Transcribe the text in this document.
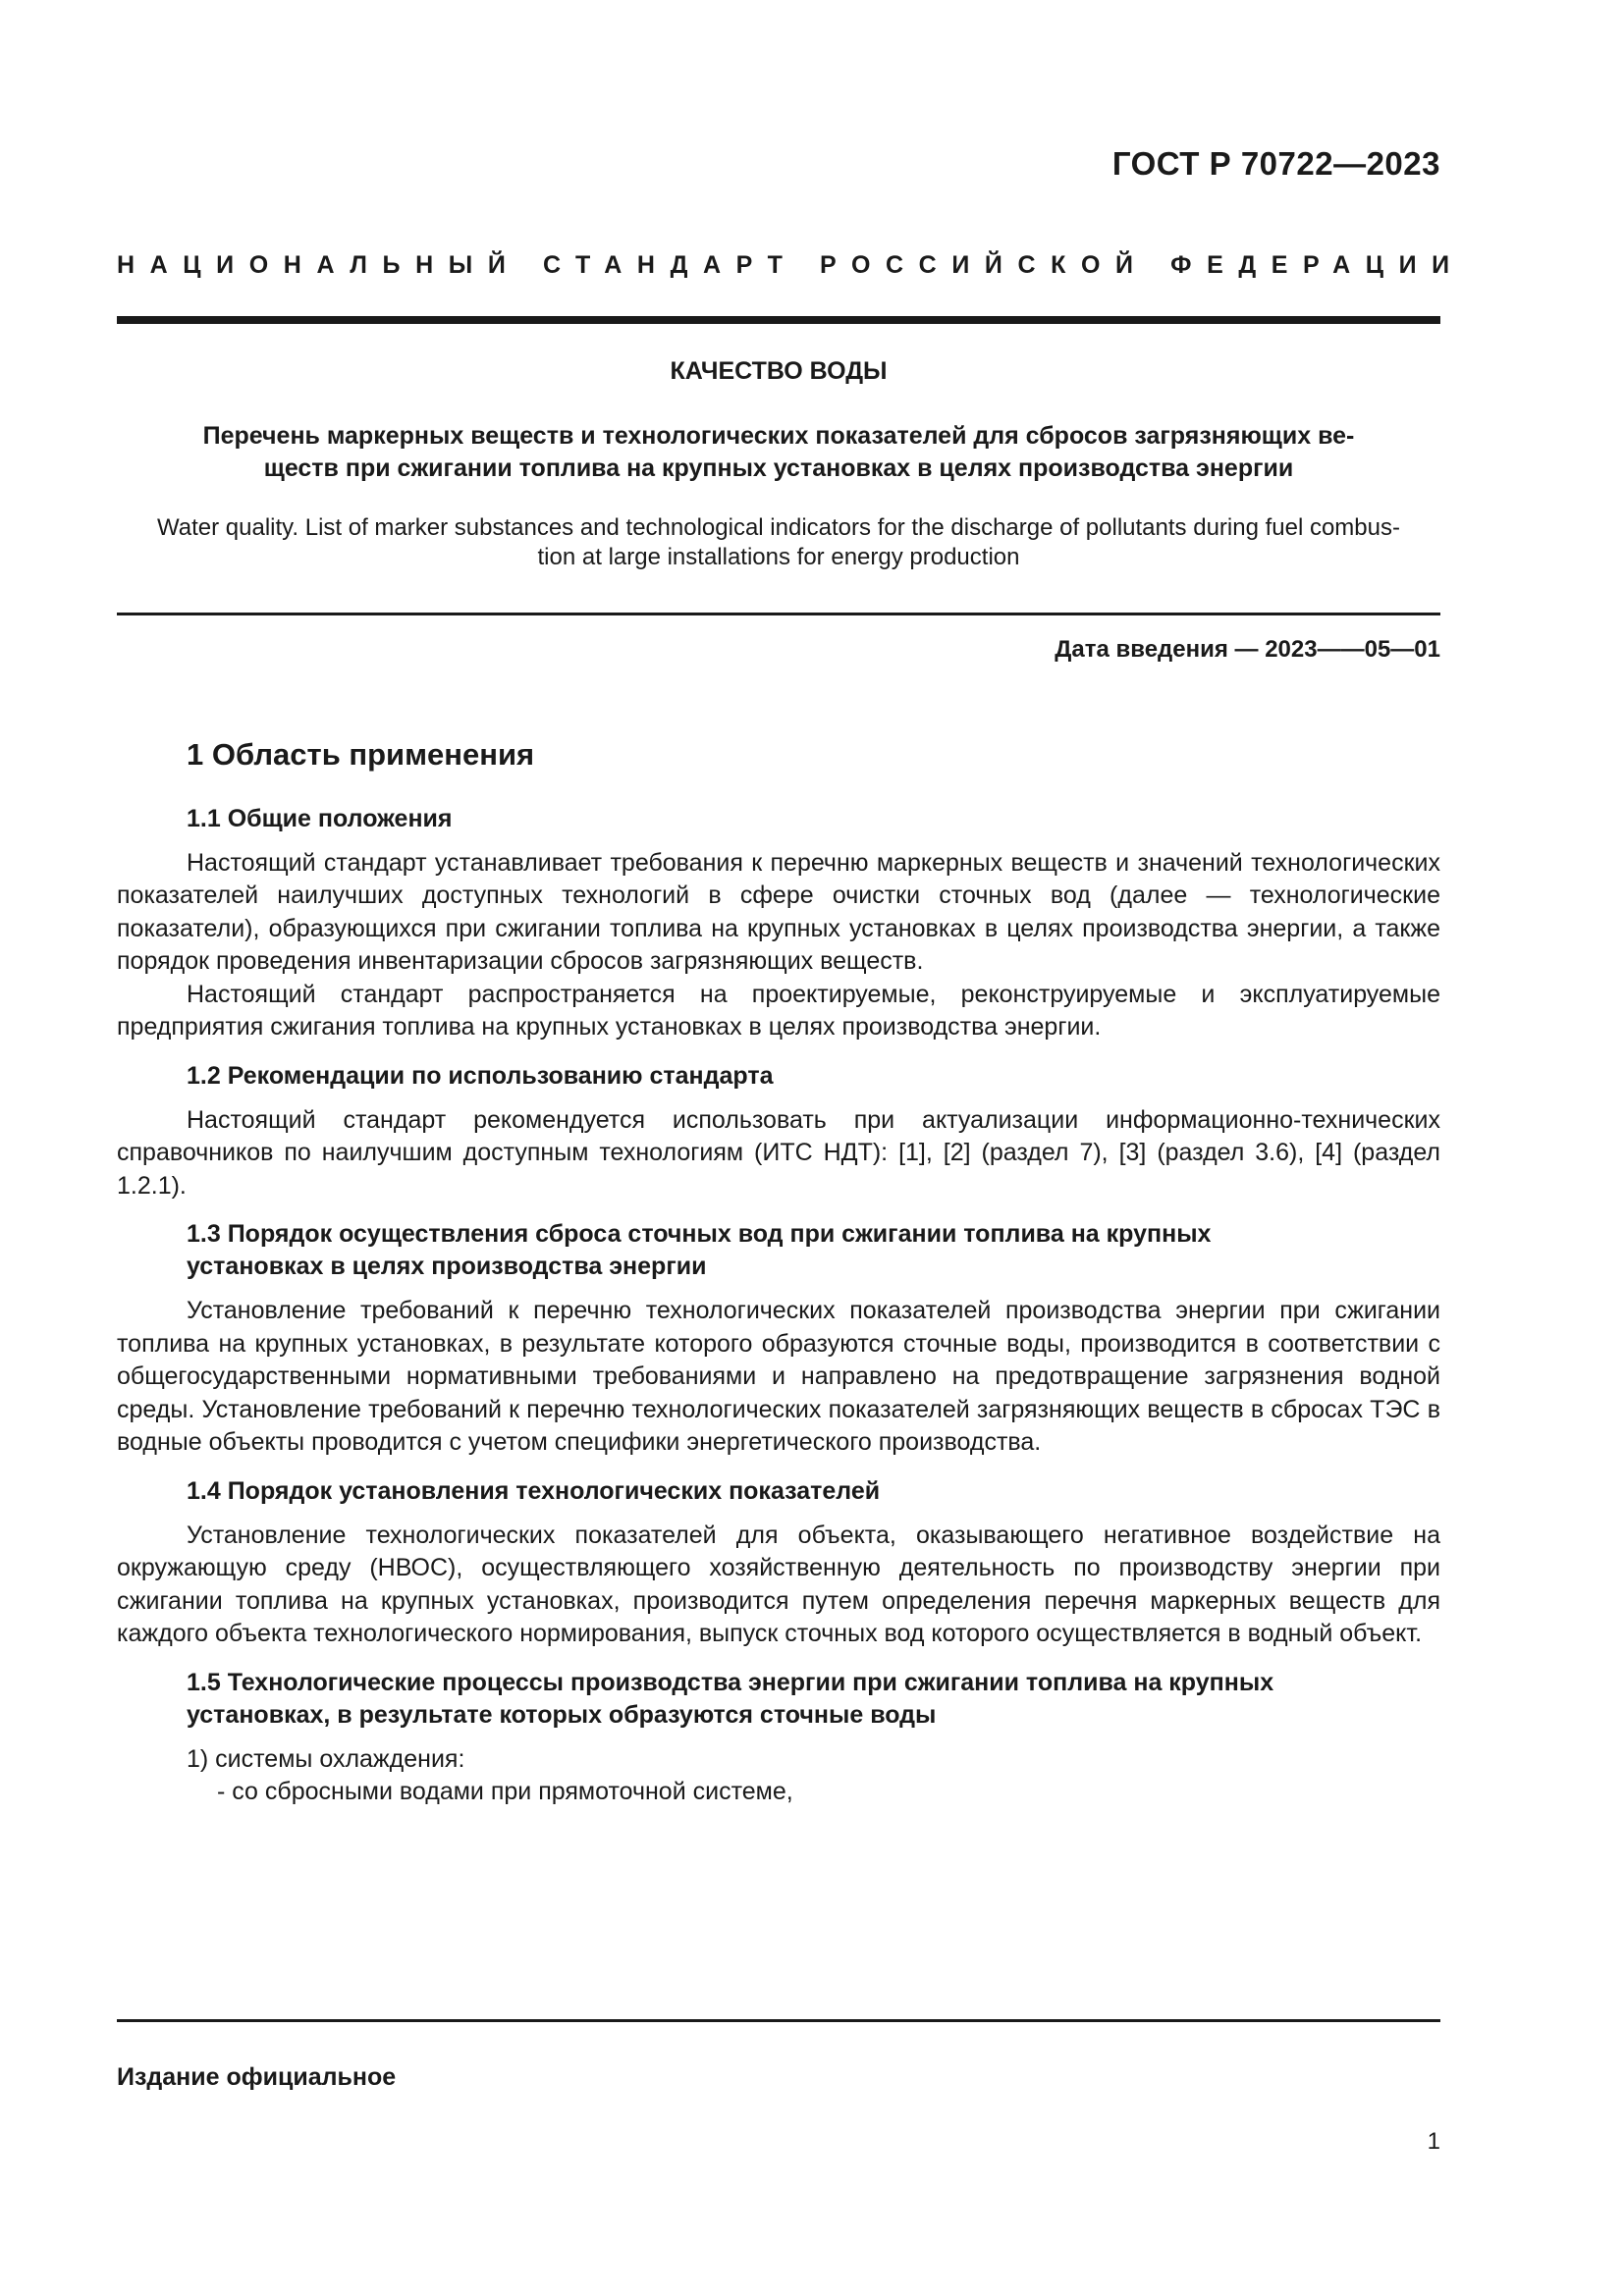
ГОСТ Р 70722—2023
НАЦИОНАЛЬНЫЙ СТАНДАРТ РОССИЙСКОЙ ФЕДЕРАЦИИ
КАЧЕСТВО ВОДЫ
Перечень маркерных веществ и технологических показателей для сбросов загрязняющих ве-
ществ при сжигании топлива на крупных установках в целях производства энергии
Water quality. List of marker substances and technological indicators for the discharge of pollutants during fuel combus-
tion at large installations for energy production
Дата введения — 2023——05—01
1 Область применения
1.1 Общие положения

Настоящий стандарт устанавливает требования к перечню маркерных веществ и значений технологических показателей наилучших доступных технологий в сфере очистки сточных вод (далее — технологические показатели), образующихся при сжигании топлива на крупных установках в целях производства энергии, а также порядок проведения инвентаризации сбросов загрязняющих веществ.

Настоящий стандарт распространяется на проектируемые, реконструируемые и эксплуатируемые предприятия сжигания топлива на крупных установках в целях производства энергии.

1.2 Рекомендации по использованию стандарта

Настоящий стандарт рекомендуется использовать при актуализации информационно-технических справочников по наилучшим доступным технологиям (ИТС НДТ): [1], [2] (раздел 7), [3] (раздел 3.6), [4] (раздел 1.2.1).

1.3 Порядок осуществления сброса сточных вод при сжигании топлива на крупных
установках в целях производства энергии

Установление требований к перечню технологических показателей производства энергии при сжигании топлива на крупных установках, в результате которого образуются сточные воды, производится в соответствии с общегосударственными нормативными требованиями и направлено на предотвращение загрязнения водной среды. Установление требований к перечню технологических показателей загрязняющих веществ в сбросах ТЭС в водные объекты проводится с учетом специфики энергетического производства.

1.4 Порядок установления технологических показателей

Установление технологических показателей для объекта, оказывающего негативное воздействие на окружающую среду (НВОС), осуществляющего хозяйственную деятельность по производству энергии при сжигании топлива на крупных установках, производится путем определения перечня маркерных веществ для каждого объекта технологического нормирования, выпуск сточных вод которого осуществляется в водный объект.

1.5 Технологические процессы производства энергии при сжигании топлива на крупных
установках, в результате которых образуются сточные воды
1) системы охлаждения:
- со сбросными водами при прямоточной системе,
Издание официальное
1
